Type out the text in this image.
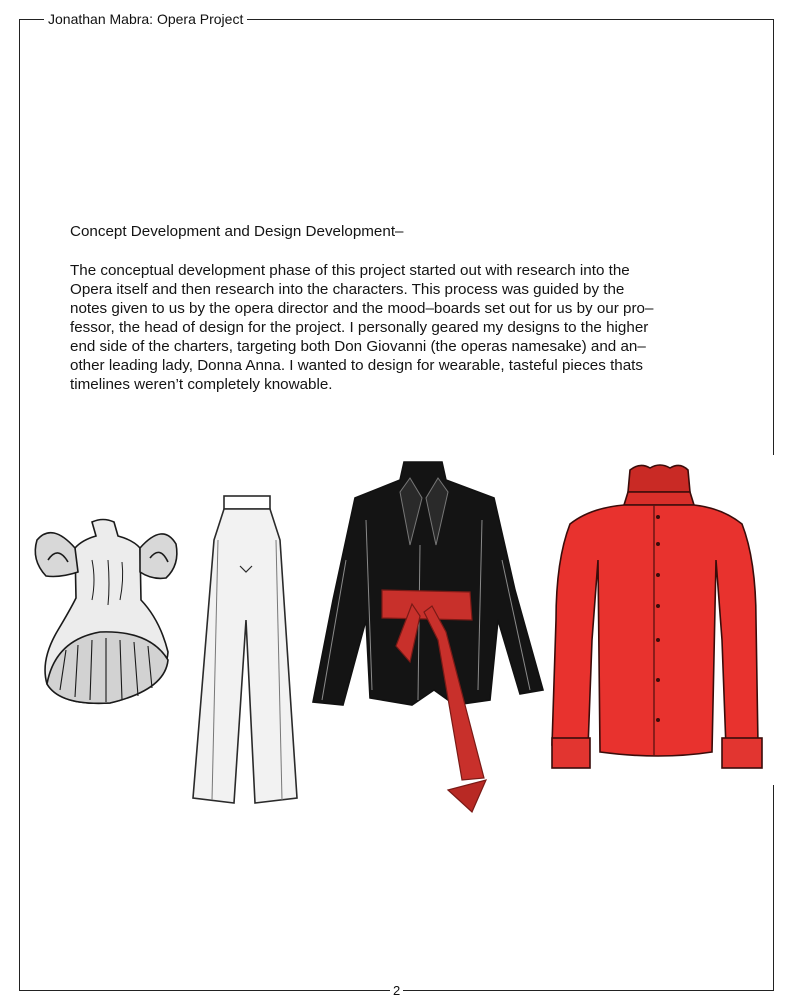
Jonathan Mabra: Opera Project
Concept Development and Design Development–
The conceptual development phase of this project started out with research into the
Opera itself and then research into the characters. This process was guided by the
notes given to us by the opera director and the mood–boards set out for us by our pro–
fessor, the head of design for the project. I personally geared my designs to the higher
end side of the charters, targeting both Don Giovanni (the operas namesake) and an–
other leading lady, Donna Anna. I wanted to design for wearable, tasteful pieces thats
timelines weren’t completely knowable.
2
